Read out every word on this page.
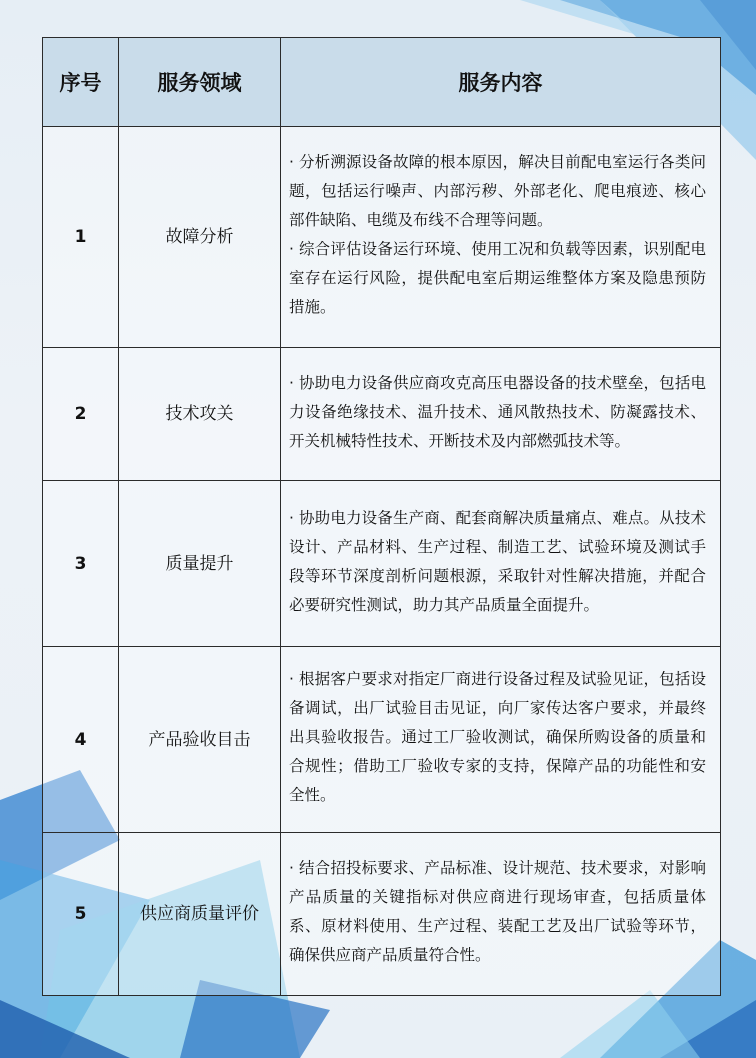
序号	服务领域	服务内容
1	故障分析	· 分析溯源设备故障的根本原因，解决目前配电室运行各类问题，包括运行噪声、内部污秽、外部老化、爬电痕迹、核心部件缺陷、电缆及布线不合理等问题。

· 综合评估设备运行环境、使用工况和负载等因素，识别配电室存在运行风险，提供配电室后期运维整体方案及隐患预防措施。

2	技术攻关	· 协助电力设备供应商攻克高压电器设备的技术壁垒，包括电力设备绝缘技术、温升技术、通风散热技术、防凝露技术、开关机械特性技术、开断技术及内部燃弧技术等。

3	质量提升	· 协助电力设备生产商、配套商解决质量痛点、难点。从技术设计、产品材料、生产过程、制造工艺、试验环境及测试手段等环节深度剖析问题根源，采取针对性解决措施，并配合必要研究性测试，助力其产品质量全面提升。

4	产品验收目击	· 根据客户要求对指定厂商进行设备过程及试验见证，包括设备调试，出厂试验目击见证，向厂家传达客户要求，并最终出具验收报告。通过工厂验收测试，确保所购设备的质量和合规性；借助工厂验收专家的支持，保障产品的功能性和安全性。

5	供应商质量评价	· 结合招投标要求、产品标准、设计规范、技术要求，对影响产品质量的关键指标对供应商进行现场审查，包括质量体系、原材料使用、生产过程、装配工艺及出厂试验等环节，确保供应商产品质量符合性。
